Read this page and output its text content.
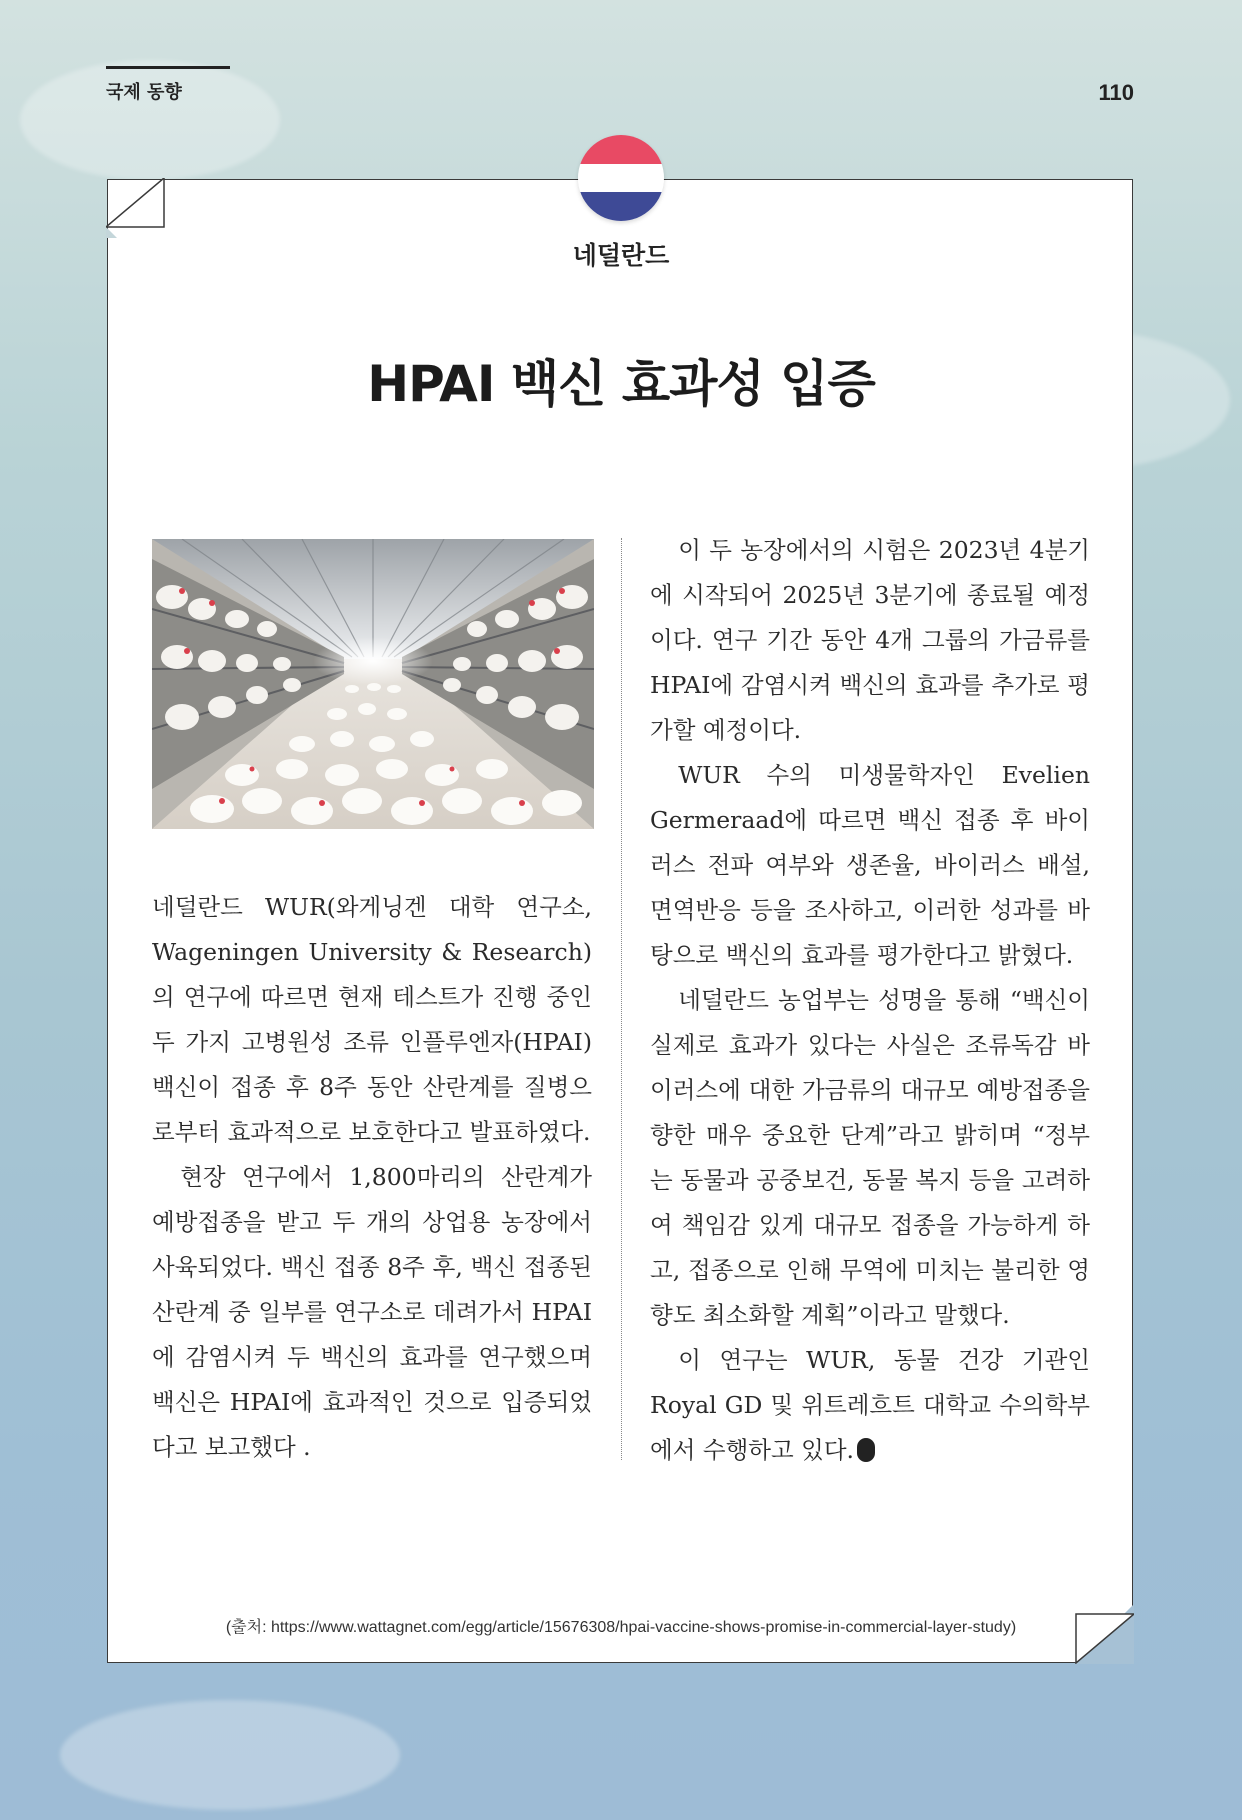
국제 동향	110
네덜란드
HPAI 백신 효과성 입증

네덜란드 WUR(와게닝겐 대학 연구소, Wageningen University & Research)의 연구에 따르면 현재 테스트가 진행 중인 두 가지 고병원성 조류 인플루엔자(HPAI) 백신이 접종 후 8주 동안 산란계를 질병으로부터 효과적으로 보호한다고 발표하였다.

현장 연구에서 1,800마리의 산란계가 예방접종을 받고 두 개의 상업용 농장에서 사육되었다. 백신 접종 8주 후, 백신 접종된 산란계 중 일부를 연구소로 데려가서 HPAI에 감염시켜 두 백신의 효과를 연구했으며 백신은 HPAI에 효과적인 것으로 입증되었다고 보고했다 .

이 두 농장에서의 시험은 2023년 4분기에 시작되어 2025년 3분기에 종료될 예정이다. 연구 기간 동안 4개 그룹의 가금류를 HPAI에 감염시켜 백신의 효과를 추가로 평가할 예정이다.

WUR 수의 미생물학자인 Evelien Germeraad에 따르면 백신 접종 후 바이러스 전파 여부와 생존율, 바이러스 배설, 면역반응 등을 조사하고, 이러한 성과를 바탕으로 백신의 효과를 평가한다고 밝혔다.

네덜란드 농업부는 성명을 통해 “백신이 실제로 효과가 있다는 사실은 조류독감 바이러스에 대한 가금류의 대규모 예방접종을 향한 매우 중요한 단계”라고 밝히며 “정부는 동물과 공중보건, 동물 복지 등을 고려하여 책임감 있게 대규모 접종을 가능하게 하고, 접종으로 인해 무역에 미치는 불리한 영향도 최소화할 계획”이라고 말했다.

이 연구는 WUR, 동물 건강 기관인 Royal GD 및 위트레흐트 대학교 수의학부에서 수행하고 있다.

(출처: https://www.wattagnet.com/egg/article/15676308/hpai-vaccine-shows-promise-in-commercial-layer-study)
